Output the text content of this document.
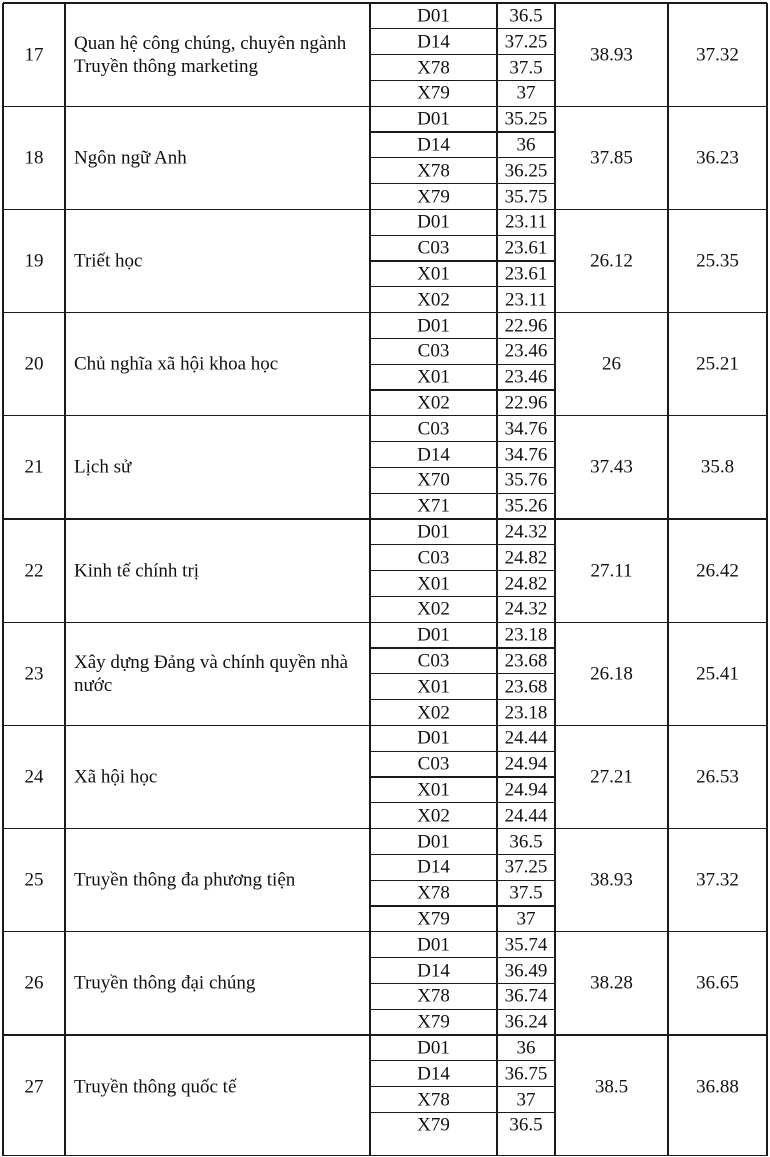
17
Quan hệ công chúng, chuyên ngành Truyền thông marketing
38.93	37.32
D01	36.5
D14	37.25
X78	37.5
X79	37
18 Ngôn ngữ Anh	37.85	36.23
D01	35.25
D14	36
X78	36.25
X79	35.75
19 Triết học	26.12	25.35
D01	23.11
C03	23.61
X01	23.61
X02	23.11
20 Chủ nghĩa xã hội khoa học	26	25.21
D01	22.96
C03	23.46
X01	23.46
X02	22.96
21 Lịch sử	37.43	35.8
C03	34.76
D14	34.76
X70	35.76
X71	35.26
22 Kinh tế chính trị	27.11	26.42
D01	24.32
C03	24.82
X01	24.82
X02	24.32
23
Xây dựng Đảng và chính quyền nhà nước
26.18	25.41
D01	23.18
C03	23.68
X01	23.68
X02	23.18
24 Xã hội học	27.21	26.53
D01	24.44
C03	24.94
X01	24.94
X02	24.44
25 Truyền thông đa phương tiện	38.93	37.32
D01	36.5
D14	37.25
X78	37.5
X79	37
26 Truyền thông đại chúng	38.28	36.65
D01	35.74
D14	36.49
X78	36.74
X79	36.24
27 Truyền thông quốc tế	38.5	36.88
D01	36
D14	36.75
X78	37
X79	36.5
